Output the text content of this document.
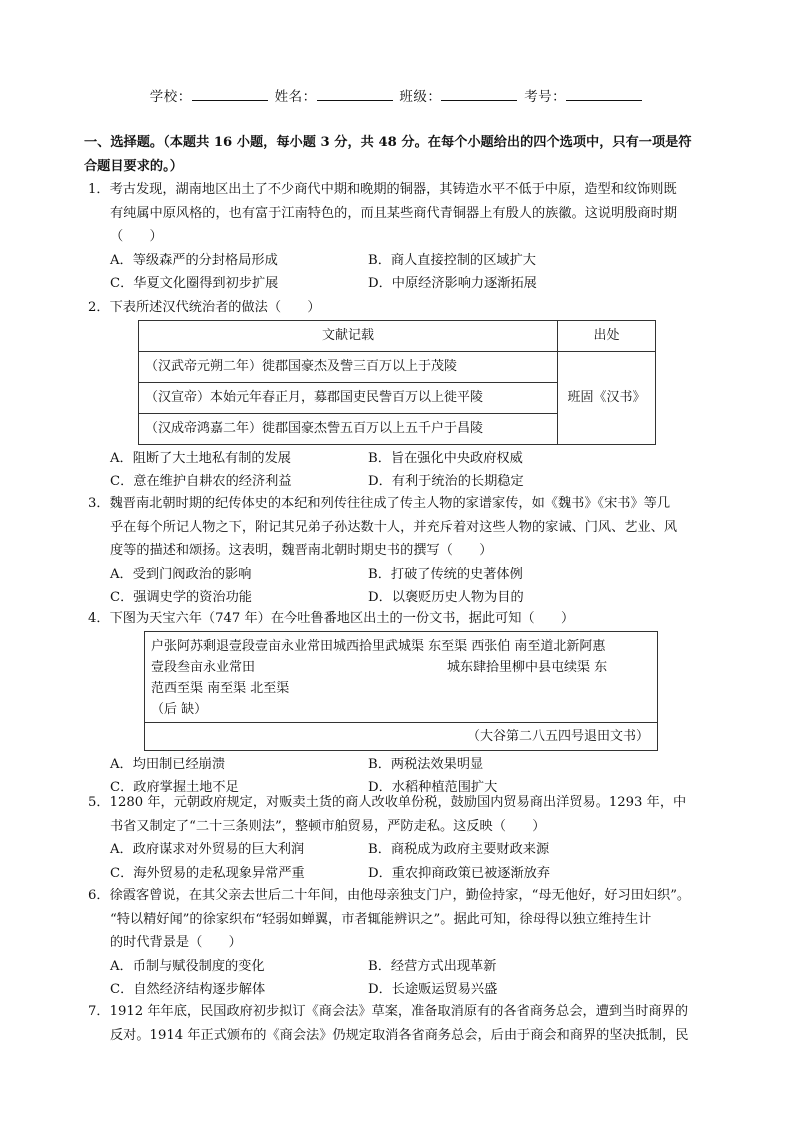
学校：	姓名：	班级：	考号：
一、选择题。（本题共 16 小题，每小题 3 分，共 48 分。在每个小题给出的四个选项中，只有一项是符
合题目要求的。）
1．考古发现，湖南地区出土了不少商代中期和晚期的铜器，其铸造水平不低于中原，造型和纹饰则既
有纯属中原风格的，也有富于江南特色的，而且某些商代青铜器上有殷人的族徽。这说明殷商时期
（　　）
A．等级森严的分封格局形成	B．商人直接控制的区域扩大
C．华夏文化圈得到初步扩展	D．中原经济影响力逐渐拓展
2．下表所述汉代统治者的做法（　　）
文献记载	出处
（汉武帝元朔二年）徙郡国豪杰及訾三百万以上于茂陵	班固《汉书》
（汉宣帝）本始元年春正月，募郡国吏民訾百万以上徙平陵	
（汉成帝鸿嘉二年）徙郡国豪杰訾五百万以上五千户于昌陵	
A．阻断了大土地私有制的发展	B．旨在强化中央政府权威
C．意在维护自耕农的经济利益	D．有利于统治的长期稳定
3．魏晋南北朝时期的纪传体史的本纪和列传往往成了传主人物的家谱家传，如《魏书》《宋书》等几
乎在每个所记人物之下，附记其兄弟子孙达数十人，并充斥着对这些人物的家诫、门风、艺业、风
度等的描述和颂扬。这表明，魏晋南北朝时期史书的撰写（　　）
A．受到门阀政治的影响	B．打破了传统的史著体例
C．强调史学的资治功能	D．以褒贬历史人物为目的
4．下图为天宝六年（747 年）在今吐鲁番地区出土的一份文书，据此可知（　　）
户张阿苏剩退壹段壹亩永业常田城西拾里武城渠 东至渠 西张伯 南至道北新阿惠
壹段叁亩永业常田	城东肆拾里柳中县屯续渠 东
范西至渠 南至渠 北至渠
（后 缺）
（大谷第二八五四号退田文书）
A．均田制已经崩溃	B．两税法效果明显
C．政府掌握土地不足	D．水稻种植范围扩大
5．1280 年，元朝政府规定，对贩卖土货的商人改收单份税，鼓励国内贸易商出洋贸易。1293 年，中
书省又制定了“二十三条则法”，整顿市舶贸易，严防走私。这反映（　　）
A．政府谋求对外贸易的巨大利润	B．商税成为政府主要财政来源
C．海外贸易的走私现象异常严重	D．重农抑商政策已被逐渐放弃
6．徐霞客曾说，在其父亲去世后二十年间，由他母亲独支门户，勤俭持家，“母无他好，好习田妇织”。
“特以精好闻”的徐家织布“轻弱如蝉翼，市者辄能辨识之”。据此可知，徐母得以独立维持生计
的时代背景是（　　）
A．币制与赋役制度的变化	B．经营方式出现革新
C．自然经济结构逐步解体	D．长途贩运贸易兴盛
7．1912 年年底，民国政府初步拟订《商会法》草案，准备取消原有的各省商务总会，遭到当时商界的
反对。1914 年正式颁布的《商会法》仍规定取消各省商务总会，后由于商会和商界的坚决抵制，民
